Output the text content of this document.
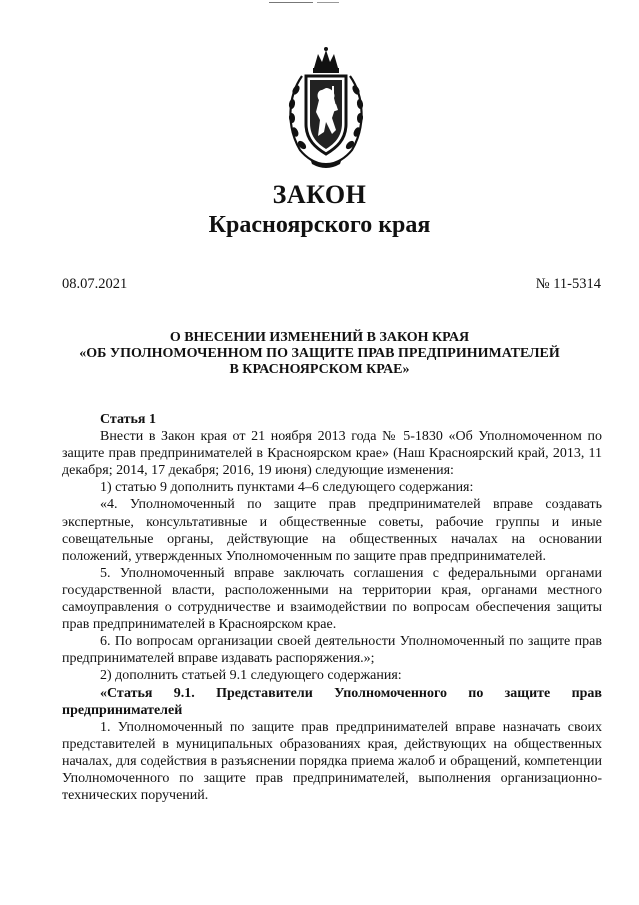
ЗАКОН
Красноярского края
08.07.2021	№ 11-5314
О ВНЕСЕНИИ ИЗМЕНЕНИЙ В ЗАКОН КРАЯ
«ОБ УПОЛНОМОЧЕННОМ ПО ЗАЩИТЕ ПРАВ ПРЕДПРИНИМАТЕЛЕЙ
В КРАСНОЯРСКОМ КРАЕ»

Статья 1

Внести в Закон края от 21 ноября 2013 года № 5-1830 «Об Уполномоченном по защите прав предпринимателей в Красноярском крае» (Наш Красноярский край, 2013, 11 декабря; 2014, 17 декабря; 2016, 19 июня) следующие изменения:

1) статью 9 дополнить пунктами 4–6 следующего содержания:

«4. Уполномоченный по защите прав предпринимателей вправе создавать экспертные, консультативные и общественные советы, рабочие группы и иные совещательные органы, действующие на общественных началах на основании положений, утвержденных Уполномоченным по защите прав предпринимателей.

5. Уполномоченный вправе заключать соглашения с федеральными органами государственной власти, расположенными на территории края, органами местного самоуправления о сотрудничестве и взаимодействии по вопросам обеспечения защиты прав предпринимателей в Красноярском крае.

6. По вопросам организации своей деятельности Уполномоченный по защите прав предпринимателей вправе издавать распоряжения.»;

2) дополнить статьей 9.1 следующего содержания:

«Статья 9.1. Представители Уполномоченного по защите прав предпринимателей

1. Уполномоченный по защите прав предпринимателей вправе назначать своих представителей в муниципальных образованиях края, действующих на общественных началах, для содействия в разъяснении порядка приема жалоб и обращений, компетенции Уполномоченного по защите прав предпринимателей, выполнения организационно-технических поручений.
